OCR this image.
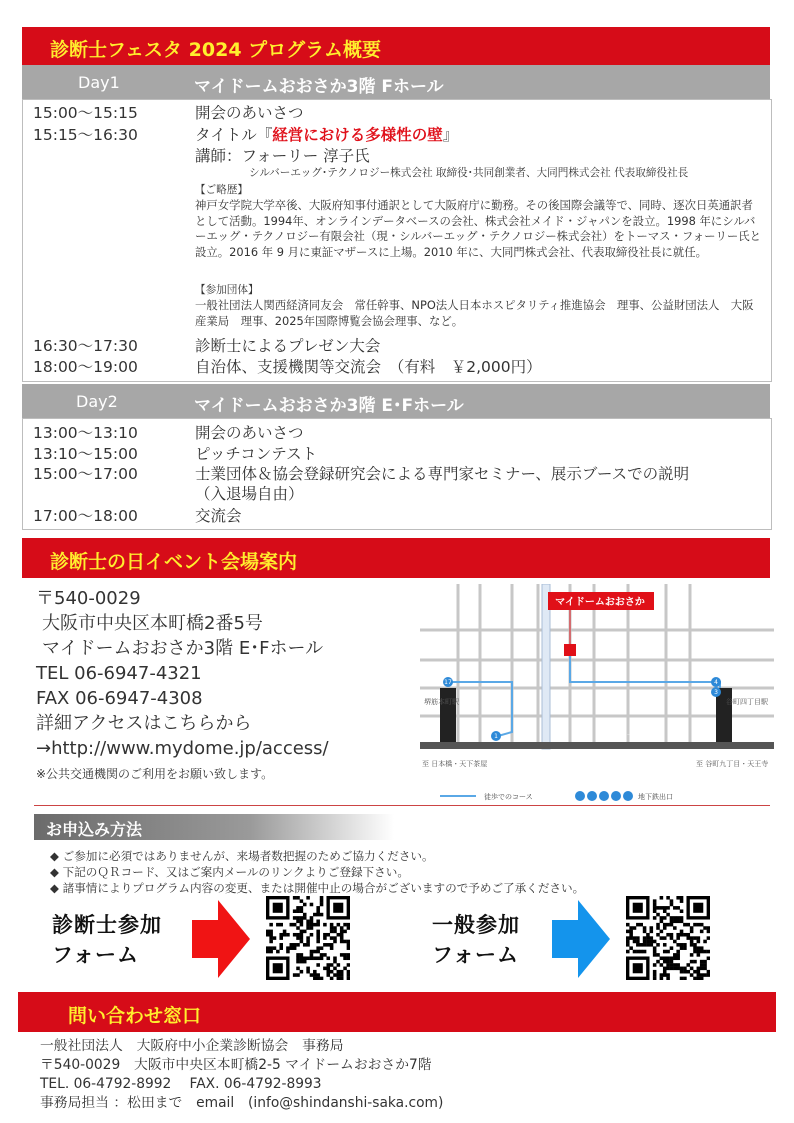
診断士フェスタ 2024 プログラム概要
Day1	マイドームおおさか3階 Fホール
15:00〜15:15	開会のあいさつ
15:15〜16:30	タイトル『経営における多様性の壁』
講師：フォーリー 淳子氏
シルバーエッグ･テクノロジー株式会社 取締役･共同創業者、大同門株式会社 代表取締役社長
【ご略歴】
神戸女学院大学卒後、大阪府知事付通訳として大阪府庁に勤務。その後国際会議等で、同時、逐次日英通訳者として活動。1994年、オンラインデータベースの会社、株式会社メイド・ジャパンを設立。1998 年にシルバーエッグ・テクノロジー有限会社（現・シルバーエッグ・テクノロジー株式会社）をトーマス・フォーリー氏と設立。2016 年 9 月に東証マザースに上場。2010 年に、大同門株式会社、代表取締役社長に就任。
【参加団体】
一般社団法人関西経済同友会　常任幹事、NPO法人日本ホスピタリティ推進協会　理事、公益財団法人　大阪産業局　理事、2025年国際博覧会協会理事、など。
16:30〜17:30	診断士によるプレゼン大会
18:00〜19:00	自治体、支援機関等交流会　（有料　￥2,000円）
Day2	マイドームおおさか3階 E･Fホール
13:00〜13:10	開会のあいさつ
13:10〜15:00	ピッチコンテスト
15:00〜17:00	士業団体＆協会登録研究会による専門家セミナー、展示ブースでの説明
（入退場自由）
17:00〜18:00	交流会
診断士の日イベント会場案内
〒540-0029
大阪市中央区本町橋2番5号
マイドームおおさか3階 E･Fホール
TEL 06-6947-4321
FAX 06-6947-4308
詳細アクセスはこちらから
→http://www.mydome.jp/access/
※公共交通機関のご利用をお願い致します。
マイドームおおさか
堺筋本町駅	谷町四丁目駅
地下鉄中央線
至 日本橋・天下茶屋	至 谷町九丁目・天王寺
17
1
4
3
徒歩でのコース	地下鉄出口
お申込み方法
◆ ご参加に必須ではありませんが、来場者数把握のためご協力ください。
◆ 下記のＱＲコード、又はご案内メールのリンクよりご登録下さい。
◆ 諸事情によりプログラム内容の変更、または開催中止の場合がございますので予めご了承ください。
診断士参加
フォーム
一般参加
フォーム
問い合わせ窓口
一般社団法人　大阪府中小企業診断協会　事務局
〒540-0029　大阪市中央区本町橋2-5 マイドームおおさか7階
TEL. 06-4792-8992　 FAX. 06-4792-8993
事務局担当 ：松田まで　email　(info@shindanshi-saka.com)
